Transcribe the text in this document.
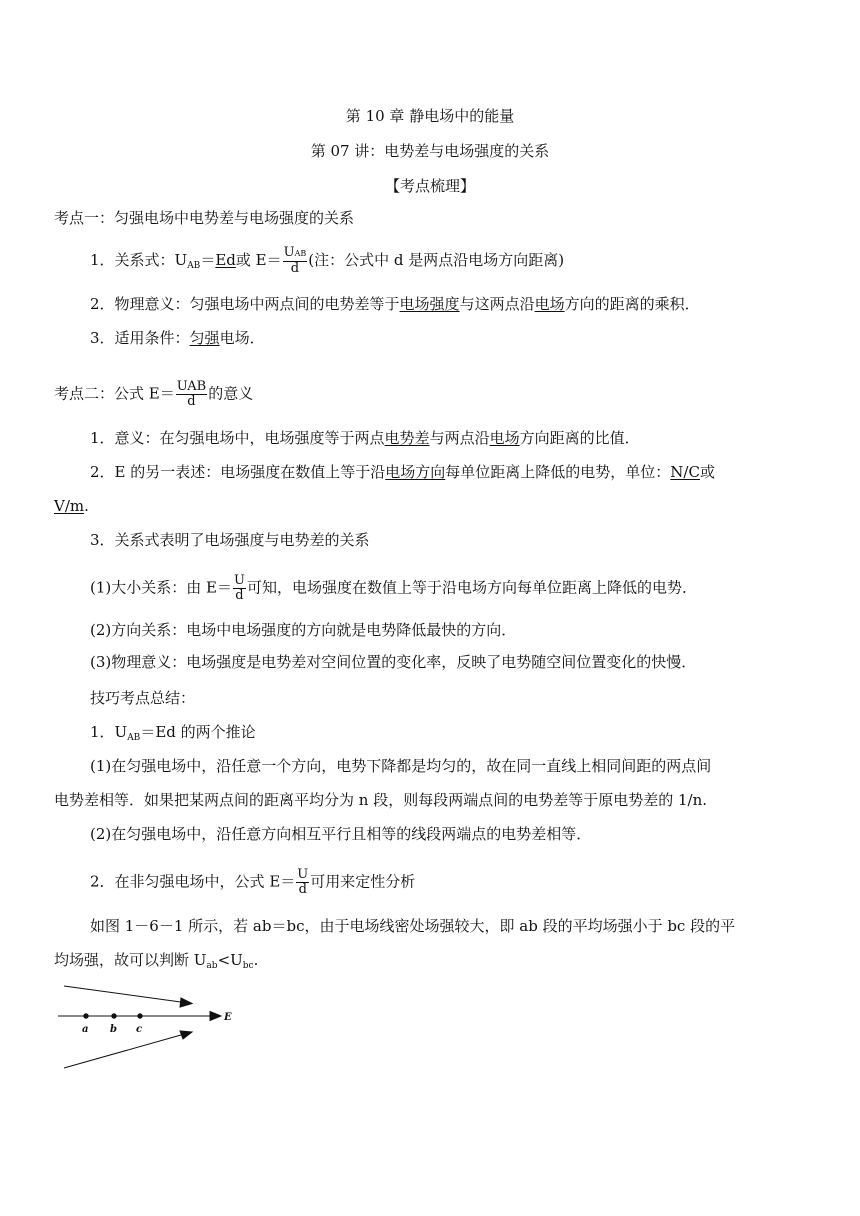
第 10 章 静电场中的能量
第 07 讲：电势差与电场强度的关系
【考点梳理】
考点一：匀强电场中电势差与电场强度的关系
1．关系式：$U_{AB}=Ed$或 $E= \frac{\text{UAB}}{d}$ (注：公式中 d 是两点沿电场方向距离)
2．物理意义：匀强电场中两点间的电势差等于电场强度与这两点沿电场方向的距离的乘积．
3．适用条件：匀强电场．
考点二：公式 $E= \frac{\text{UAB}}{d}$ 的意义
1．意义：在匀强电场中，电场强度等于两点电势差与两点沿电场方向距离的比值．
2．E 的另一表述：电场强度在数值上等于沿电场方向每单位距离上降低的电势，单位：N/C或
V/m.
3．关系式表明了电场强度与电势差的关系
(1)大小关系：由 $E= \frac{U}{d}$ 可知，电场强度在数值上等于沿电场方向每单位距离上降低的电势．
(2)方向关系：电场中电场强度的方向就是电势降低最快的方向．
(3)物理意义：电场强度是电势差对空间位置的变化率，反映了电势随空间位置变化的快慢．
技巧考点总结：
1．$U_{AB}=Ed$ 的两个推论
(1)在匀强电场中，沿任意一个方向，电势下降都是均匀的，故在同一直线上相同间距的两点间
电势差相等．如果把某两点间的距离平均分为 n 段，则每段两端点间的电势差等于原电势差的 1/n.
(2)在匀强电场中，沿任意方向相互平行且相等的线段两端点的电势差相等．
2．在非匀强电场中，公式 $E= \frac{U}{d}$ 可用来定性分析
如图 1－6－1 所示，若 ab＝bc，由于电场线密处场强较大，即 ab 段的平均场强小于 bc 段的平
均场强，故可以判断 $U_{ab}<U_{bc}$.
a b c
E
